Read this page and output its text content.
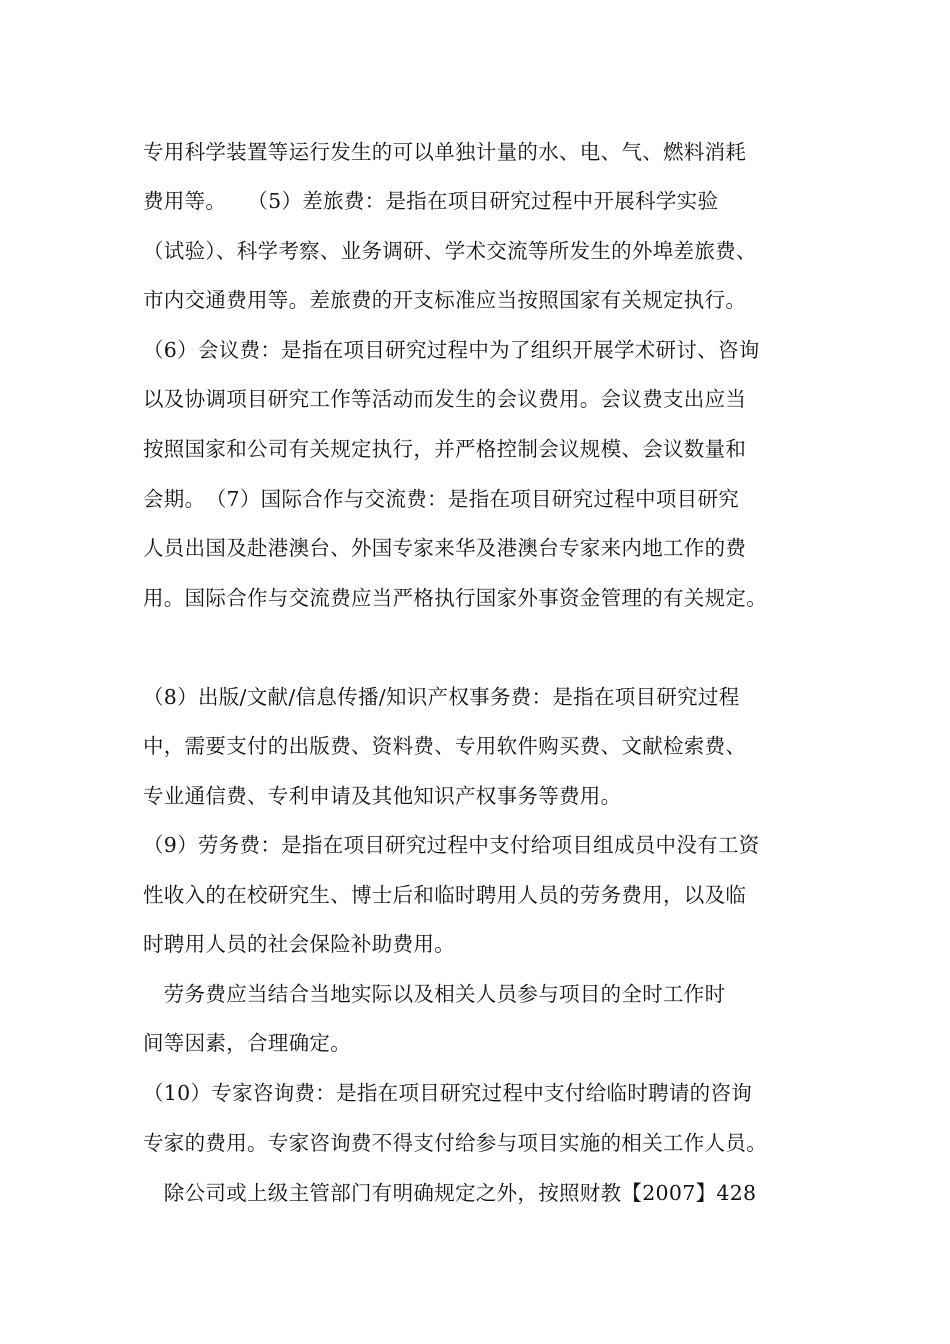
专用科学装置等运行发生的可以单独计量的水、电、气、燃料消耗
费用等。　　（5）差旅费：是指在项目研究过程中开展科学实验
（试验）、科学考察、业务调研、学术交流等所发生的外埠差旅费、
市内交通费用等。差旅费的开支标准应当按照国家有关规定执行。
（6）会议费：是指在项目研究过程中为了组织开展学术研讨、咨询
以及协调项目研究工作等活动而发生的会议费用。会议费支出应当
按照国家和公司有关规定执行，并严格控制会议规模、会议数量和
会期。　（7）国际合作与交流费：是指在项目研究过程中项目研究
人员出国及赴港澳台、外国专家来华及港澳台专家来内地工作的费
用。国际合作与交流费应当严格执行国家外事资金管理的有关规定。
（8）出版/文献/信息传播/知识产权事务费：是指在项目研究过程
中，需要支付的出版费、资料费、专用软件购买费、文献检索费、
专业通信费、专利申请及其他知识产权事务等费用。
（9）劳务费：是指在项目研究过程中支付给项目组成员中没有工资
性收入的在校研究生、博士后和临时聘用人员的劳务费用，以及临
时聘用人员的社会保险补助费用。
　劳务费应当结合当地实际以及相关人员参与项目的全时工作时
间等因素，合理确定。
（10）专家咨询费：是指在项目研究过程中支付给临时聘请的咨询
专家的费用。专家咨询费不得支付给参与项目实施的相关工作人员。
　除公司或上级主管部门有明确规定之外，按照财教【2007】428
